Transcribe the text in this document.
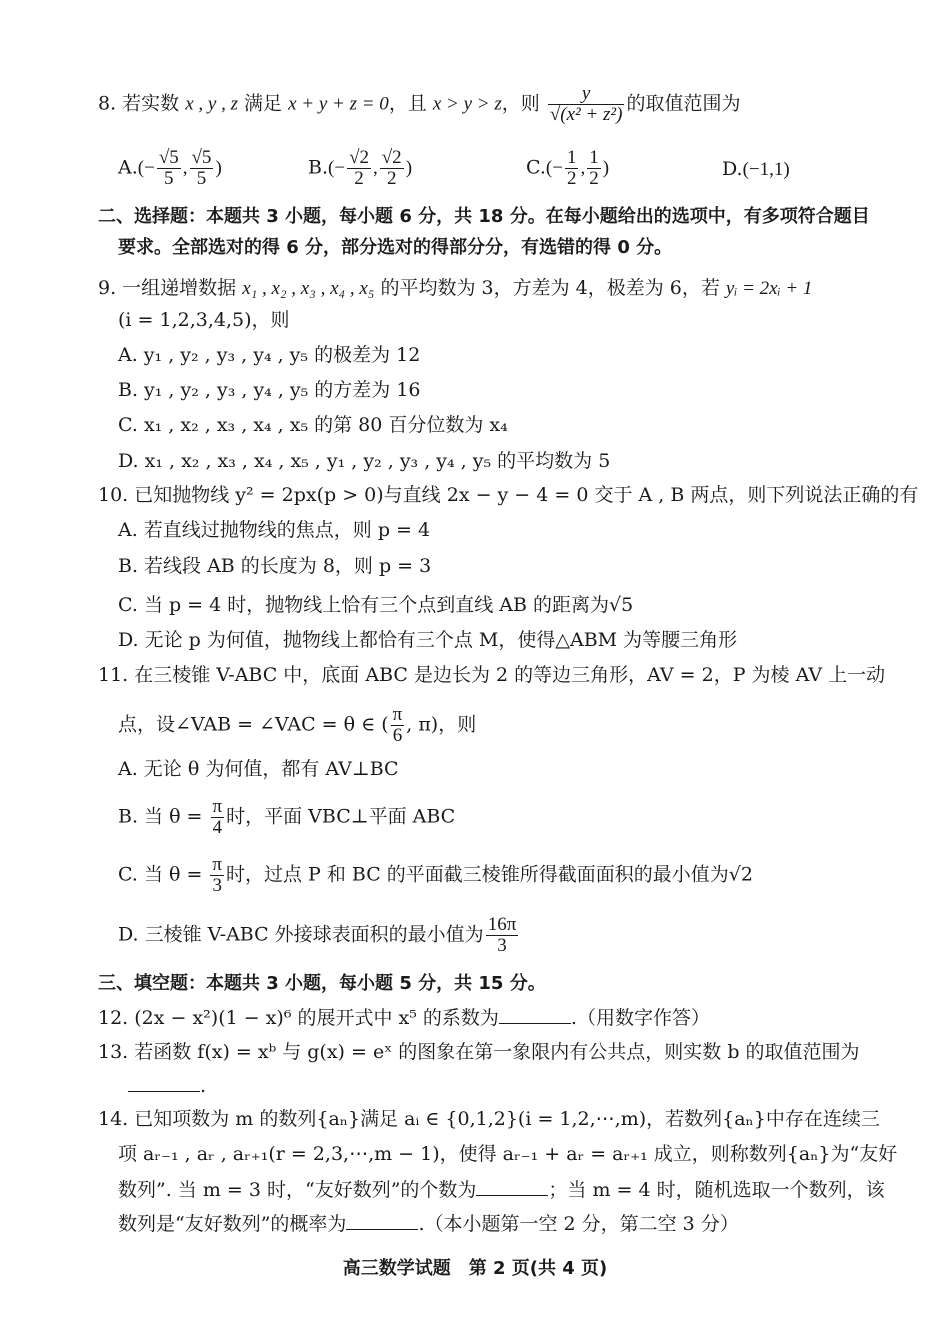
8. 若实数 x , y , z 满足 x + y + z = 0，且 x > y > z，则 $\frac{y}{\text{√(x² + z²)}}$ 的取值范围为
$A.(- \frac{√5}{5}$ , $\frac{√5}{5}$ )	$B.(- \frac{√2}{2}$ , $\frac{√2}{2}$ )	$C.(- \frac{1}{2}$ , $\frac{1}{2}$ )	D.(−1,1)
二、选择题：本题共 3 小题，每小题 6 分，共 18 分。在每小题给出的选项中，有多项符合题目
要求。全部选对的得 6 分，部分选对的得部分分，有选错的得 0 分。
9. 一组递增数据 x₁ , x₂ , x₃ , x₄ , x₅ 的平均数为 3，方差为 4，极差为 6，若 yᵢ = 2xᵢ + 1
(i = 1,2,3,4,5)，则
A. y₁ , y₂ , y₃ , y₄ , y₅ 的极差为 12
B. y₁ , y₂ , y₃ , y₄ , y₅ 的方差为 16
C. x₁ , x₂ , x₃ , x₄ , x₅ 的第 80 百分位数为 x₄
D. x₁ , x₂ , x₃ , x₄ , x₅ , y₁ , y₂ , y₃ , y₄ , y₅ 的平均数为 5
10. 已知抛物线 y² = 2px(p > 0)与直线 2x − y − 4 = 0 交于 A , B 两点，则下列说法正确的有
A. 若直线过抛物线的焦点，则 p = 4
B. 若线段 AB 的长度为 8，则 p = 3
C. 当 p = 4 时，抛物线上恰有三个点到直线 AB 的距离为√5
D. 无论 p 为何值，抛物线上都恰有三个点 M，使得△ABM 为等腰三角形
11. 在三棱锥 V-ABC 中，底面 ABC 是边长为 2 的等边三角形，AV = 2，P 为棱 AV 上一动
点，设∠VAB = ∠VAC = θ ∈ ( $\frac{\pi}{6}$ , π)，则
A. 无论 θ 为何值，都有 AV⊥BC
B. 当 $\theta = \frac{\pi}{4}$ 时，平面 VBC⊥平面 ABC
C. 当 $\theta = \frac{\pi}{3}$ 时，过点 P 和 BC 的平面截三棱锥所得截面面积的最小值为√2
D. 三棱锥 V-ABC 外接球表面积的最小值为 $\frac{16\pi}{3}$
三、填空题：本题共 3 小题，每小题 5 分，共 15 分。
12. (2x − x²)(1 − x)⁶ 的展开式中 x⁵ 的系数为	.（用数字作答）
13. 若函数 f(x) = xᵇ 与 g(x) = eˣ 的图象在第一象限内有公共点，则实数 b 的取值范围为
.
14. 已知项数为 m 的数列{aₙ}满足 aᵢ ∈ {0,1,2}(i = 1,2,⋯,m)，若数列{aₙ}中存在连续三
项 aᵣ₋₁ , aᵣ , aᵣ₊₁(r = 2,3,⋯,m − 1)，使得 aᵣ₋₁ + aᵣ = aᵣ₊₁ 成立，则称数列{aₙ}为“友好
数列”. 当 m = 3 时，“友好数列”的个数为	；当 m = 4 时，随机选取一个数列，该
数列是“友好数列”的概率为	.（本小题第一空 2 分，第二空 3 分）
高三数学试题　第 2 页(共 4 页)
